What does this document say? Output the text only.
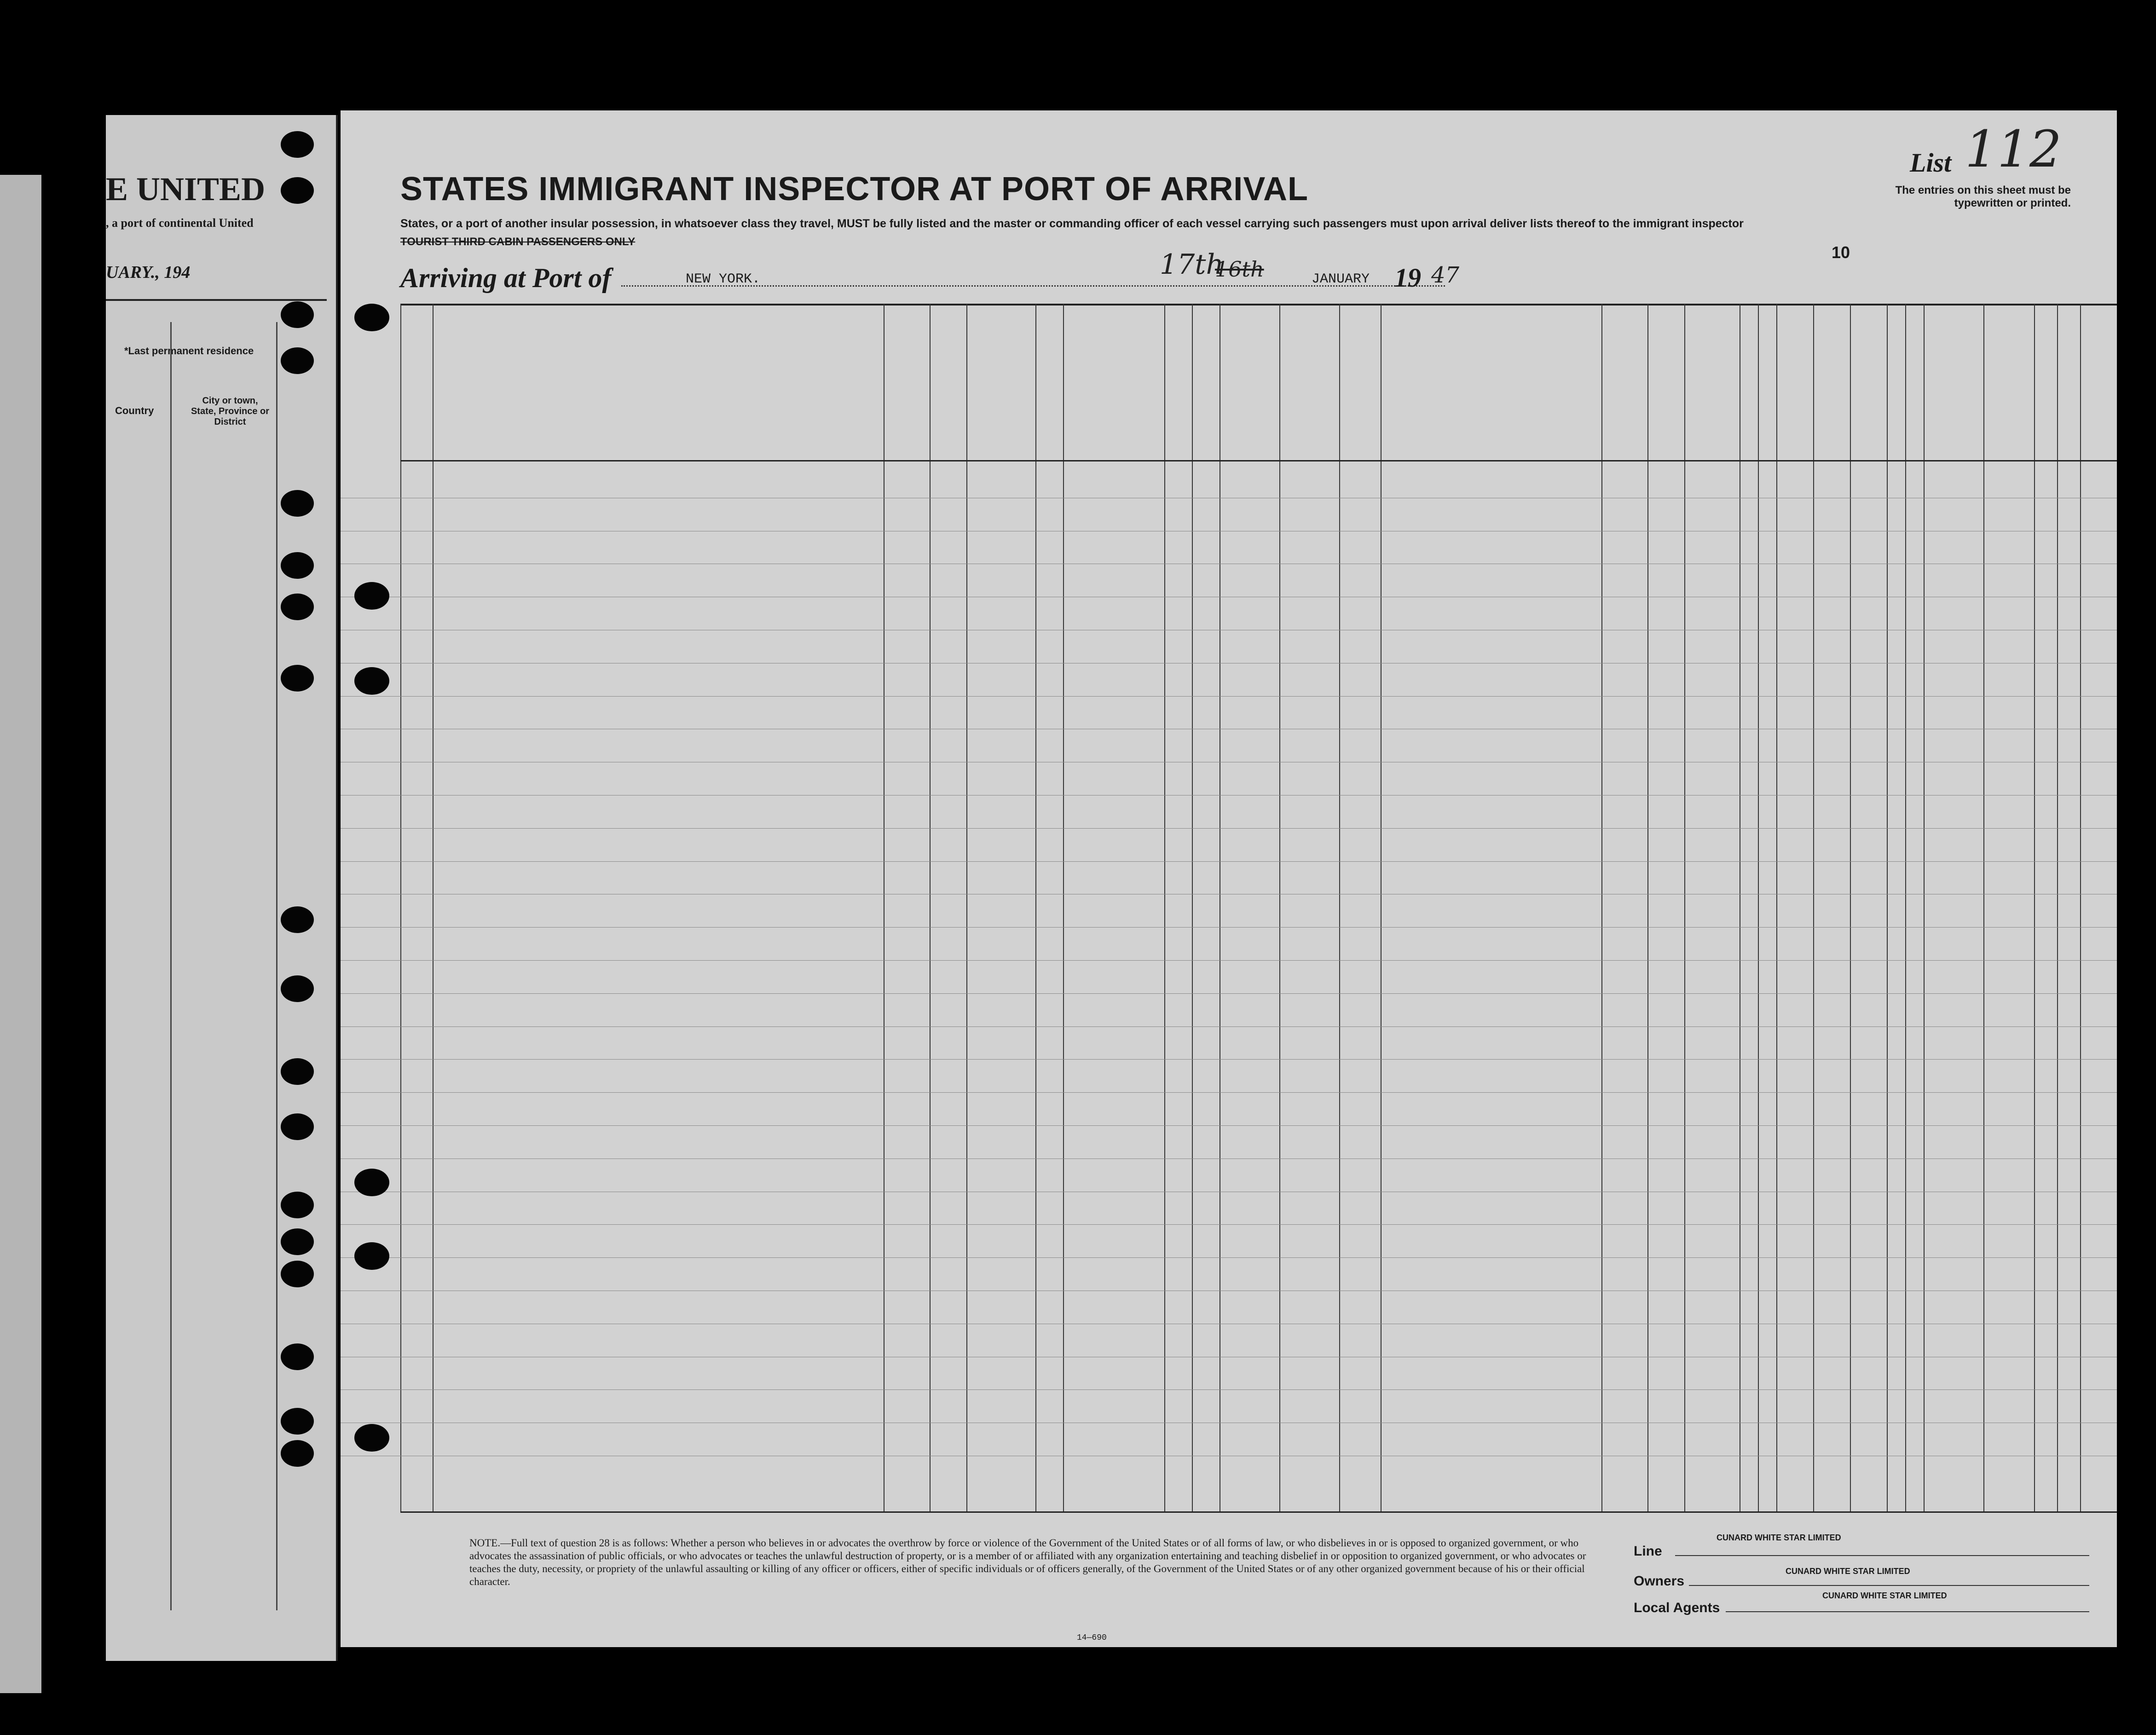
E UNITED
, a port of continental United
UARY., 194
*Last permanent residence
Country
City or town, State, Province or District
STATES IMMIGRANT INSPECTOR AT PORT OF ARRIVAL
States, or a port of another insular possession, in whatsoever class they travel, MUST be fully listed and the master or commanding officer of each vessel carrying such passengers must upon arrival deliver lists thereof to the immigrant inspector
TOURIST THIRD CABIN PASSENGERS ONLY
Arriving at Port of	NEW YORK.	17th
16th	JANUARY 19 47
List 112
The entries on this sheet must be typewritten or printed.
10
NOTE.—Full text of question 28 is as follows: Whether a person who believes in or advocates the overthrow by force or violence of the Government of the United States or of all forms of law, or who disbelieves in or is opposed to organized government, or who advocates the assassination of public officials, or who advocates or teaches the unlawful destruction of property, or is a member of or affiliated with any organization entertaining and teaching disbelief in or opposition to organized government, or who advocates or teaches the duty, necessity, or propriety of the unlawful assaulting or killing of any officer or officers, either of specific individuals or of officers generally, of the Government of the United States or of any other organized government because of his or their official character.
14—690
Line
CUNARD WHITE STAR LIMITED
Owners
CUNARD WHITE STAR LIMITED
Local Agents
CUNARD WHITE STAR LIMITED
